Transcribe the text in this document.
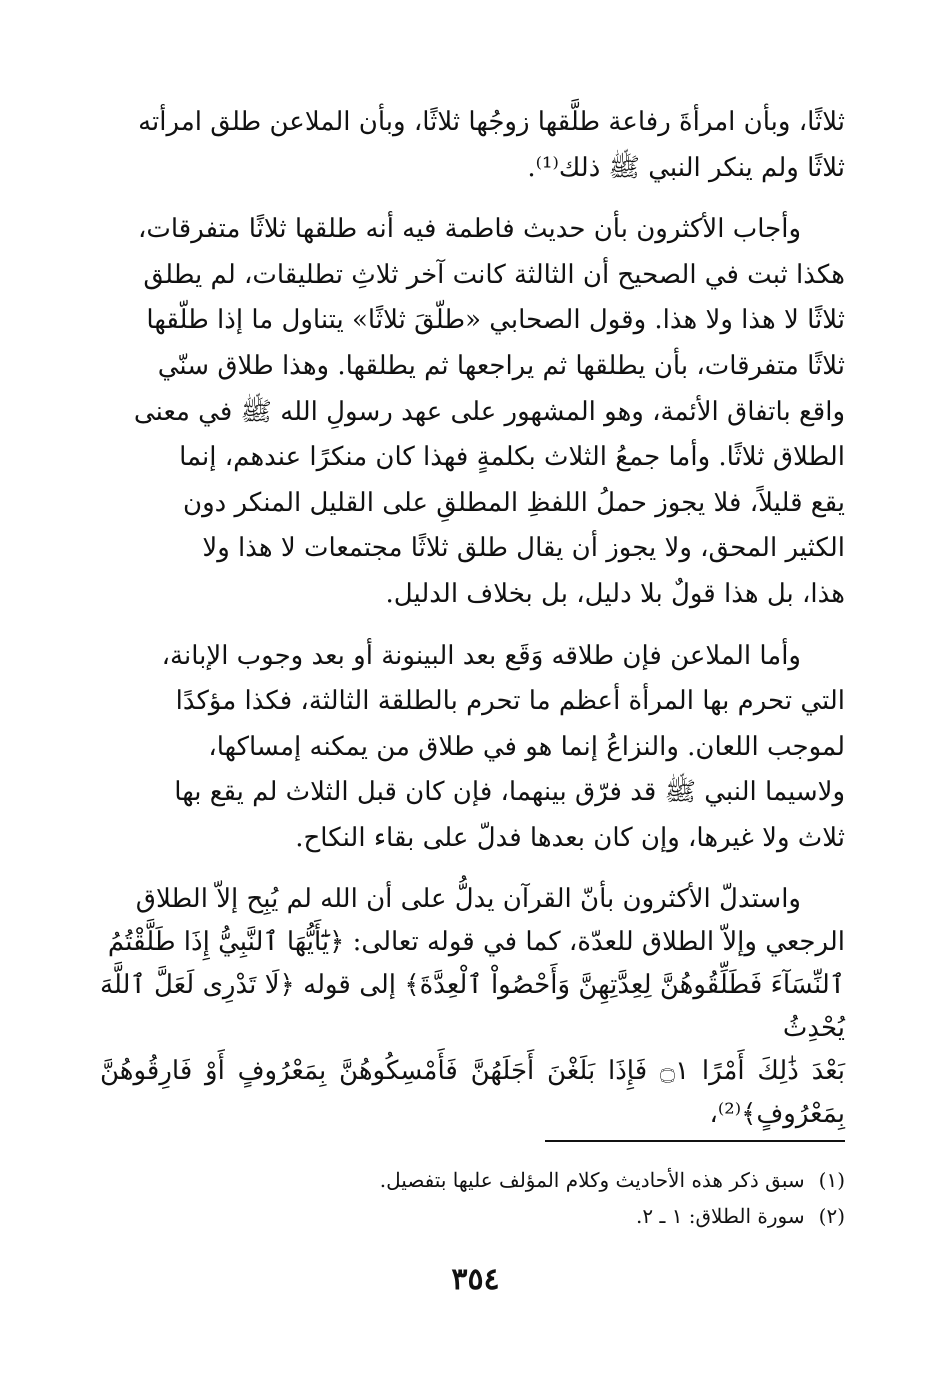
ثلاثًا، وبأن امرأةَ رفاعة طلَّقها زوجُها ثلاثًا، وبأن الملاعن طلق امرأته
ثلاثًا ولم ينكر النبي ﷺ ذلك⁽¹⁾.

وأجاب الأكثرون بأن حديث فاطمة فيه أنه طلقها ثلاثًا متفرقات،
هكذا ثبت في الصحيح أن الثالثة كانت آخر ثلاثِ تطليقات، لم يطلق
ثلاثًا لا هذا ولا هذا. وقول الصحابي «طلّقَ ثلاثًا» يتناول ما إذا طلّقها
ثلاثًا متفرقات، بأن يطلقها ثم يراجعها ثم يطلقها. وهذا طلاق سنّي
واقع باتفاق الأئمة، وهو المشهور على عهد رسولِ الله ﷺ في معنى
الطلاق ثلاثًا. وأما جمعُ الثلاث بكلمةٍ فهذا كان منكرًا عندهم، إنما
يقع قليلاً، فلا يجوز حملُ اللفظِ المطلقِ على القليل المنكر دون
الكثير المحق، ولا يجوز أن يقال طلق ثلاثًا مجتمعات لا هذا ولا
هذا، بل هذا قولٌ بلا دليل، بل بخلاف الدليل.

وأما الملاعن فإن طلاقه وَقَع بعد البينونة أو بعد وجوب الإبانة،
التي تحرم بها المرأة أعظم ما تحرم بالطلقة الثالثة، فكذا مؤكدًا
لموجب اللعان. والنزاعُ إنما هو في طلاق من يمكنه إمساكها،
ولاسيما النبي ﷺ قد فرّق بينهما، فإن كان قبل الثلاث لم يقع بها
ثلاث ولا غيرها، وإن كان بعدها فدلّ على بقاء النكاح.

واستدلّ الأكثرون بأنّ القرآن يدلُّ على أن الله لم يُبِح إلاّ الطلاق
الرجعي وإلاّ الطلاق للعدّة، كما في قوله تعالى: ﴿يَٰٓأَيُّهَا ٱلنَّبِيُّ إِذَا طَلَّقْتُمُ
ٱلنِّسَآءَ فَطَلِّقُوهُنَّ لِعِدَّتِهِنَّ وَأَحْصُواْ ٱلْعِدَّةَ﴾ إلى قوله ﴿لَا تَدْرِى لَعَلَّ ٱللَّهَ يُحْدِثُ
بَعْدَ ذَٰلِكَ أَمْرًا ۝١ فَإِذَا بَلَغْنَ أَجَلَهُنَّ فَأَمْسِكُوهُنَّ بِمَعْرُوفٍ أَوْ فَارِقُوهُنَّ بِمَعْرُوفٍ﴾⁽²⁾،

(١)سبق ذكر هذه الأحاديث وكلام المؤلف عليها بتفصيل.
(٢)سورة الطلاق: ١ ـ ٢.
٣٥٤
